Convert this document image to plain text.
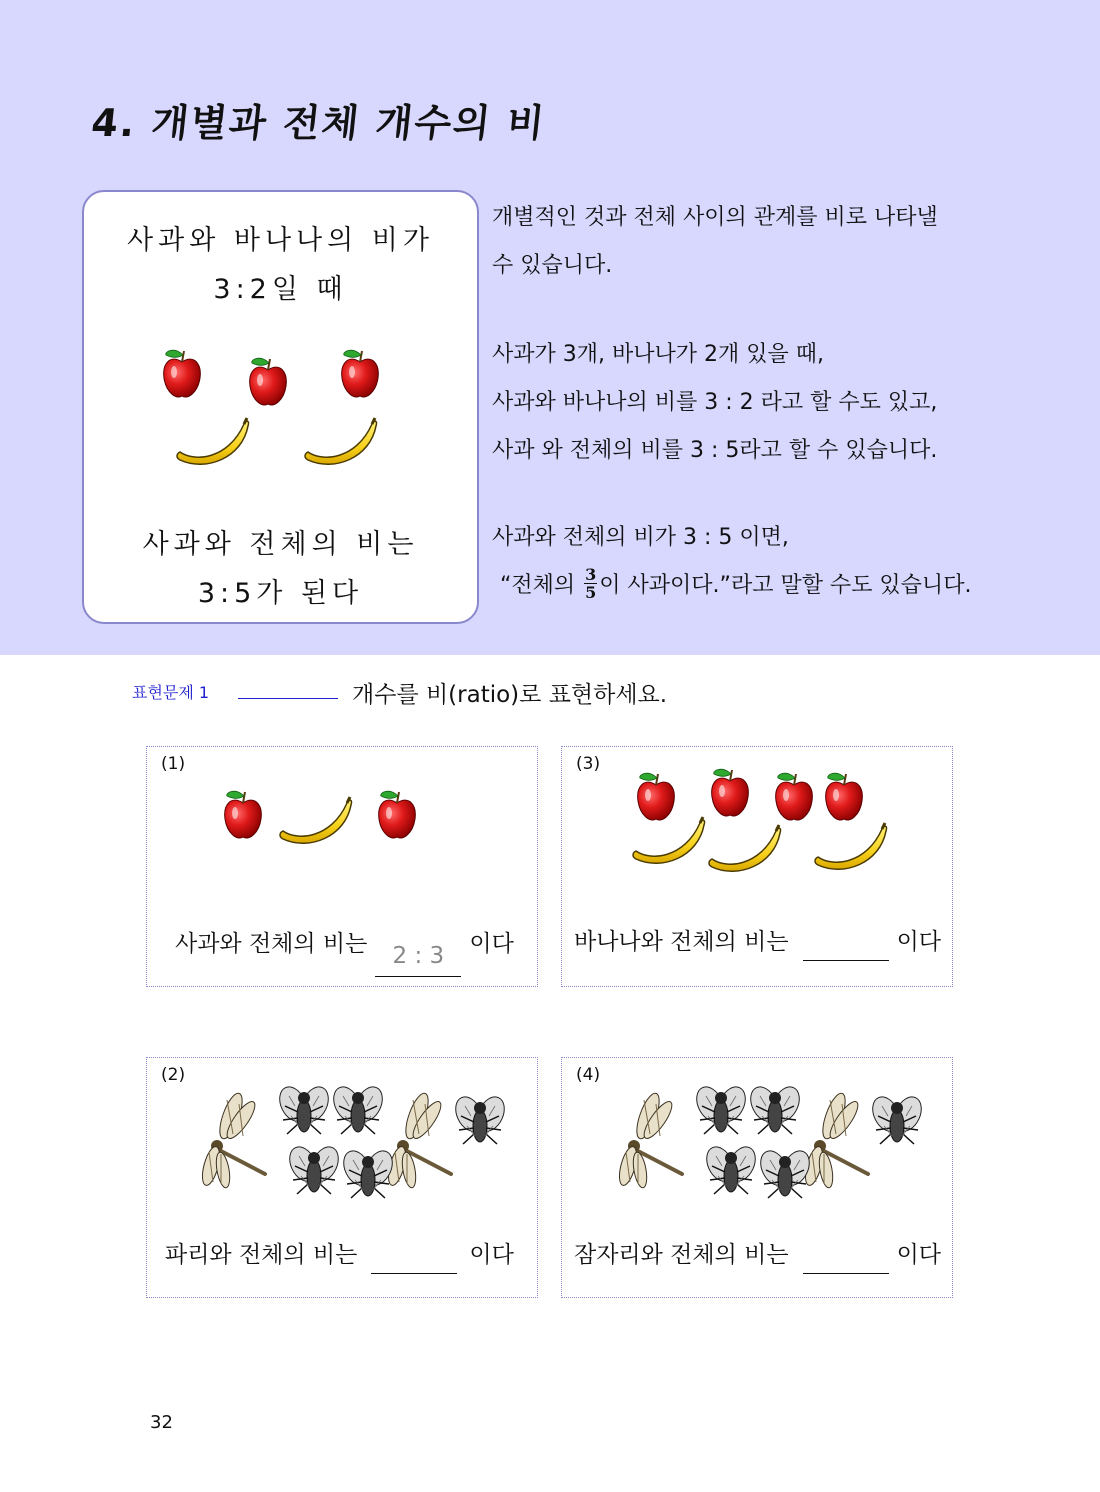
4. 개별과 전체 개수의 비
사과와 바나나의 비가
3:2일 때
사과와 전체의 비는
3:5가 된다
개별적인 것과 전체 사이의 관계를 비로 나타낼
수 있습니다.
사과가 3개, 바나나가 2개 있을 때,
사과와 바나나의 비를 3 : 2 라고 할 수도 있고,
사과 와 전체의 비를 3 : 5라고 할 수 있습니다.
사과와 전체의 비가 3 : 5 이면,
“전체의 $\frac{3}{5}$ 이 사과이다.”라고 말할 수도 있습니다.
표현문제 1	개수를 비(ratio)로 표현하세요.
(1)
사과와 전체의 비는 2 : 3 이다
(3)
바나나와 전체의 비는	이다
(2)
파리와 전체의 비는	이다
(4)
잠자리와 전체의 비는	이다
32
